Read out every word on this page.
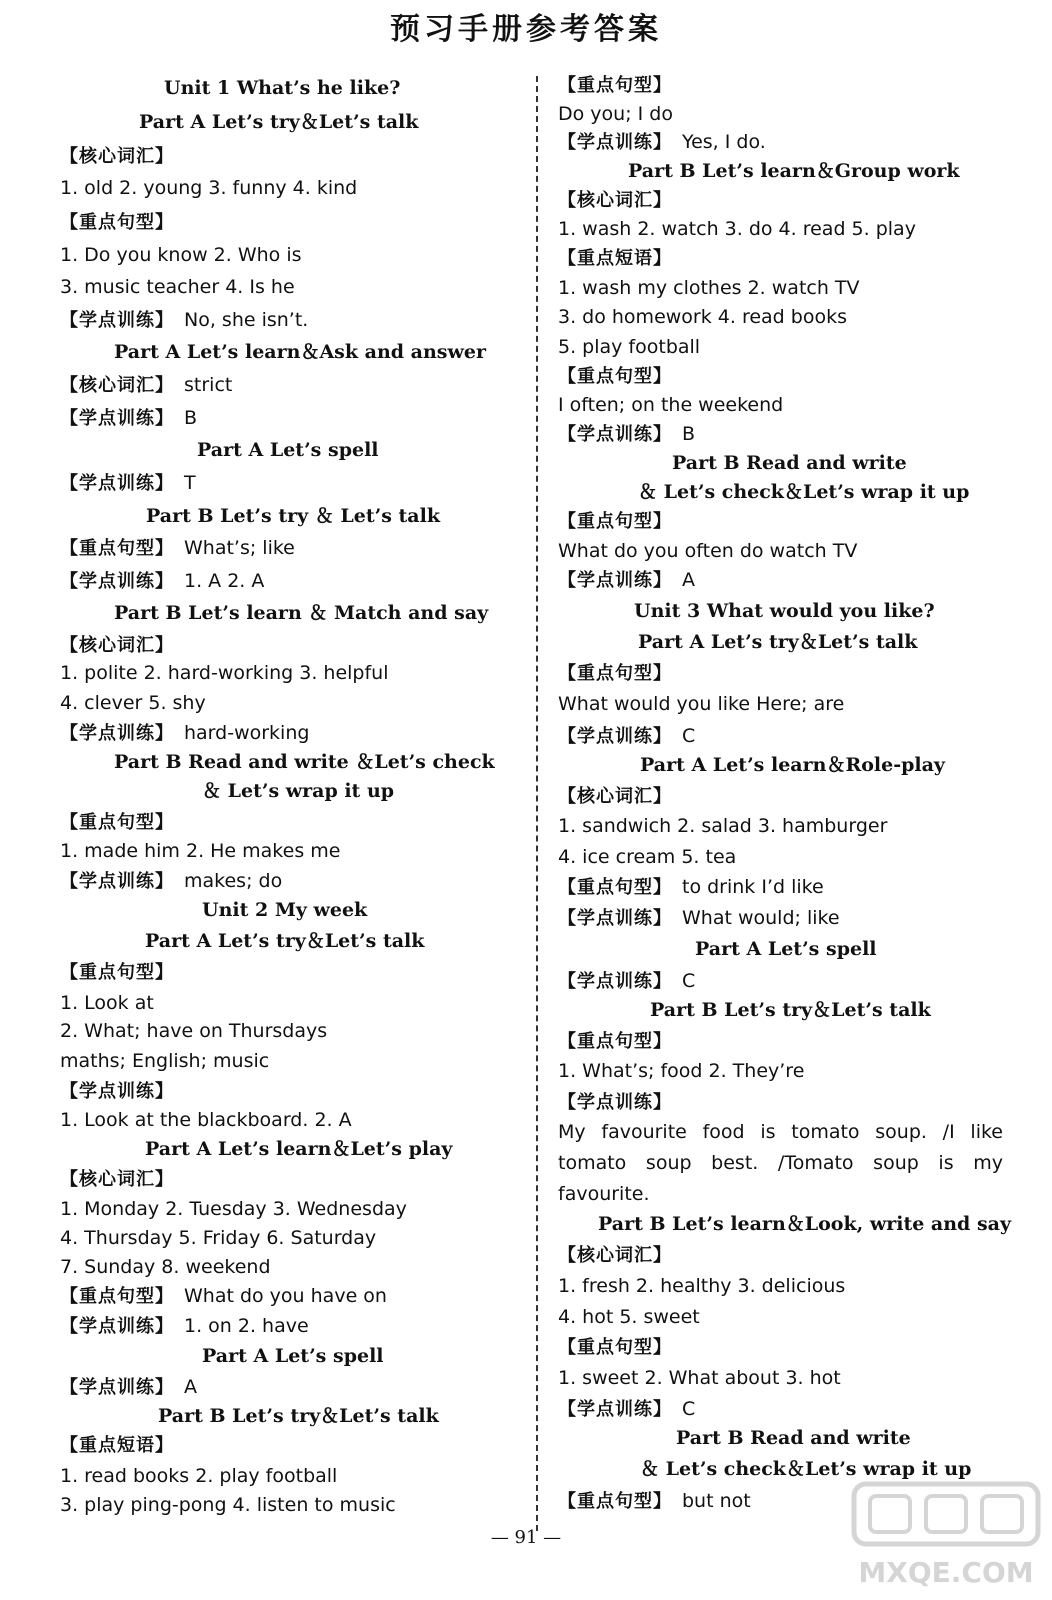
预习手册参考答案
Unit 1 What’s he like?
Part A Let’s try＆Let’s talk
【核心词汇】
1. old 2. young 3. funny 4. kind
【重点句型】
1. Do you know 2. Who is
3. music teacher 4. Is he
【学点训练】 No, she isn’t.
Part A Let’s learn＆Ask and answer
【核心词汇】 strict
【学点训练】 B
Part A Let’s spell
【学点训练】 T
Part B Let’s try ＆ Let’s talk
【重点句型】 What’s; like
【学点训练】 1. A 2. A
Part B Let’s learn ＆ Match and say
【核心词汇】
1. polite 2. hard-working 3. helpful
4. clever 5. shy
【学点训练】 hard-working
Part B Read and write ＆Let’s check
＆ Let’s wrap it up
【重点句型】
1. made him 2. He makes me
【学点训练】 makes; do
Unit 2 My week
Part A Let’s try＆Let’s talk
【重点句型】
1. Look at
2. What; have on Thursdays
maths; English; music
【学点训练】
1. Look at the blackboard. 2. A
Part A Let’s learn＆Let’s play
【核心词汇】
1. Monday 2. Tuesday 3. Wednesday
4. Thursday 5. Friday 6. Saturday
7. Sunday 8. weekend
【重点句型】 What do you have on
【学点训练】 1. on 2. have
Part A Let’s spell
【学点训练】 A
Part B Let’s try＆Let’s talk
【重点短语】
1. read books 2. play football
3. play ping-pong 4. listen to music
【重点句型】
Do you; I do
【学点训练】 Yes, I do.
Part B Let’s learn＆Group work
【核心词汇】
1. wash 2. watch 3. do 4. read 5. play
【重点短语】
1. wash my clothes 2. watch TV
3. do homework 4. read books
5. play football
【重点句型】
I often; on the weekend
【学点训练】 B
Part B Read and write
＆ Let’s check＆Let’s wrap it up
【重点句型】
What do you often do watch TV
【学点训练】 A
Unit 3 What would you like?
Part A Let’s try＆Let’s talk
【重点句型】
What would you like Here; are
【学点训练】 C
Part A Let’s learn＆Role-play
【核心词汇】
1. sandwich 2. salad 3. hamburger
4. ice cream 5. tea
【重点句型】 to drink I’d like
【学点训练】 What would; like
Part A Let’s spell
【学点训练】 C
Part B Let’s try＆Let’s talk
【重点句型】
1. What’s; food 2. They’re
【学点训练】
My favourite food is tomato soup. /I like
tomato soup best. /Tomato soup is my
favourite.
Part B Let’s learn＆Look, write and say
【核心词汇】
1. fresh 2. healthy 3. delicious
4. hot 5. sweet
【重点句型】
1. sweet 2. What about 3. hot
【学点训练】 C
Part B Read and write
＆ Let’s check＆Let’s wrap it up
【重点句型】 but not
— 91 —
MXQE.COM
